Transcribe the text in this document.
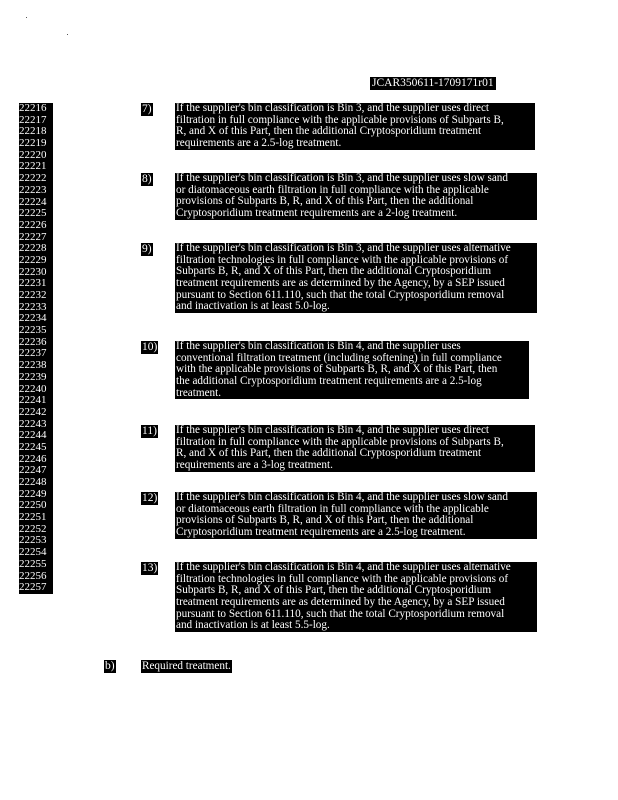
JCAR350611-1709171r01
22216
22217
22218
22219
22220
22221
22222
22223
22224
22225
22226
22227
22228
22229
22230
22231
22232
22233
22234
22235
22236
22237
22238
22239
22240
22241
22242
22243
22244
22245
22246
22247
22248
22249
22250
22251
22252
22253
22254
22255
22256
22257
7) If the supplier's bin classification is Bin 3, and the supplier uses direct
filtration in full compliance with the applicable provisions of Subparts B,
R, and X of this Part, then the additional Cryptosporidium treatment
requirements are a 2.5-log treatment.
8) If the supplier's bin classification is Bin 3, and the supplier uses slow sand
or diatomaceous earth filtration in full compliance with the applicable
provisions of Subparts B, R, and X of this Part, then the additional
Cryptosporidium treatment requirements are a 2-log treatment.
9) If the supplier's bin classification is Bin 3, and the supplier uses alternative
filtration technologies in full compliance with the applicable provisions of
Subparts B, R, and X of this Part, then the additional Cryptosporidium
treatment requirements are as determined by the Agency, by a SEP issued
pursuant to Section 611.110, such that the total Cryptosporidium removal
and inactivation is at least 5.0-log.
10) If the supplier's bin classification is Bin 4, and the supplier uses
conventional filtration treatment (including softening) in full compliance
with the applicable provisions of Subparts B, R, and X of this Part, then
the additional Cryptosporidium treatment requirements are a 2.5-log
treatment.
11) If the supplier's bin classification is Bin 4, and the supplier uses direct
filtration in full compliance with the applicable provisions of Subparts B,
R, and X of this Part, then the additional Cryptosporidium treatment
requirements are a 3-log treatment.
12) If the supplier's bin classification is Bin 4, and the supplier uses slow sand
or diatomaceous earth filtration in full compliance with the applicable
provisions of Subparts B, R, and X of this Part, then the additional
Cryptosporidium treatment requirements are a 2.5-log treatment.
13) If the supplier's bin classification is Bin 4, and the supplier uses alternative
filtration technologies in full compliance with the applicable provisions of
Subparts B, R, and X of this Part, then the additional Cryptosporidium
treatment requirements are as determined by the Agency, by a SEP issued
pursuant to Section 611.110, such that the total Cryptosporidium removal
and inactivation is at least 5.5-log.
b) Required treatment.
